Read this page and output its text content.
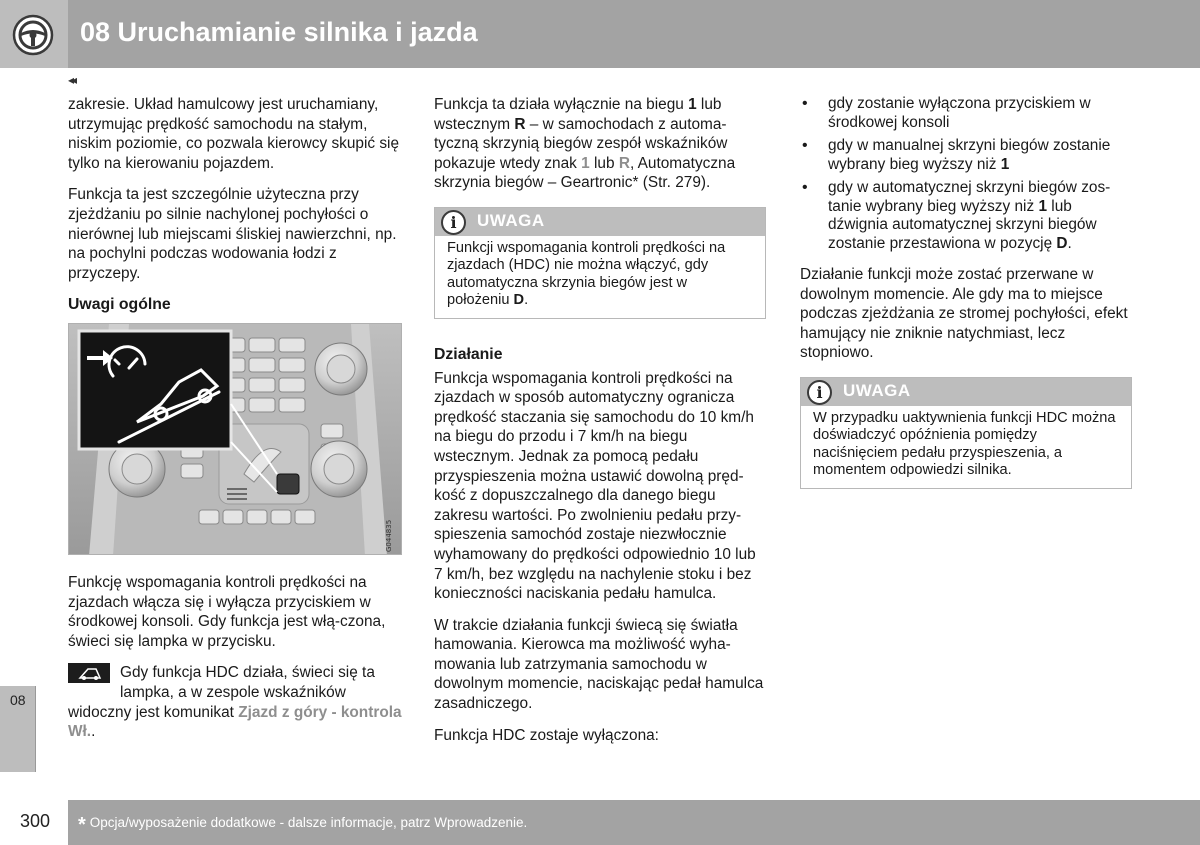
08 Uruchamianie silnika i jazda
◂◂

zakresie. Układ hamulcowy jest uruchamiany, utrzymując prędkość samochodu na stałym, niskim poziomie, co pozwala kierowcy skupić się tylko na kierowaniu pojazdem.

Funkcja ta jest szczególnie użyteczna przy zjeżdżaniu po silnie nachylonej pochyłości o nierównej lub miejscami śliskiej nawierzchni, np. na pochylni podczas wodowania łodzi z przyczepy.

Uwagi ogólne
G044835

Funkcję wspomagania kontroli prędkości na zjazdach włącza się i wyłącza przyciskiem w środkowej konsoli. Gdy funkcja jest włą-czona, świeci się lampka w przycisku.

Gdy funkcja HDC działa, świeci się ta lampka, a w zespole wskaźników widoczny jest komunikat Zjazd z góry - kontrola Wł..

Funkcja ta działa wyłącznie na biegu 1 lub wstecznym R – w samochodach z automa-tyczną skrzynią biegów zespół wskaźników pokazuje wtedy znak 1 lub R, Automatyczna skrzynia biegów – Geartronic* (Str. 279).

i	UWAGA
Funkcji wspomagania kontroli prędkości na zjazdach (HDC) nie można włączyć, gdy automatyczna skrzynia biegów jest w położeniu D.
Działanie

Funkcja wspomagania kontroli prędkości na zjazdach w sposób automatyczny ogranicza prędkość staczania się samochodu do 10 km/h na biegu do przodu i 7 km/h na biegu wstecznym. Jednak za pomocą pedału przyspieszenia można ustawić dowolną pręd-kość z dopuszczalnego dla danego biegu zakresu wartości. Po zwolnieniu pedału przy-spieszenia samochód zostaje niezwłocznie wyhamowany do prędkości odpowiednio 10 lub 7 km/h, bez względu na nachylenie stoku i bez konieczności naciskania pedału hamulca.

W trakcie działania funkcji świecą się światła hamowania. Kierowca ma możliwość wyha-mowania lub zatrzymania samochodu w dowolnym momencie, naciskając pedał hamulca zasadniczego.

Funkcja HDC zostaje wyłączona:

• gdy zostanie wyłączona przyciskiem w środkowej konsoli
• gdy w manualnej skrzyni biegów zostanie wybrany bieg wyższy niż 1
• gdy w automatycznej skrzyni biegów zos-tanie wybrany bieg wyższy niż 1 lub dźwignia automatycznej skrzyni biegów zostanie przestawiona w pozycję D.

Działanie funkcji może zostać przerwane w dowolnym momencie. Ale gdy ma to miejsce podczas zjeżdżania ze stromej pochyłości, efekt hamujący nie zniknie natychmiast, lecz stopniowo.

i	UWAGA
W przypadku uaktywnienia funkcji HDC można doświadczyć opóźnienia pomiędzy naciśnięciem pedału przyspieszenia, a momentem odpowiedzi silnika.
08
300 * Opcja/wyposażenie dodatkowe - dalsze informacje, patrz Wprowadzenie.
